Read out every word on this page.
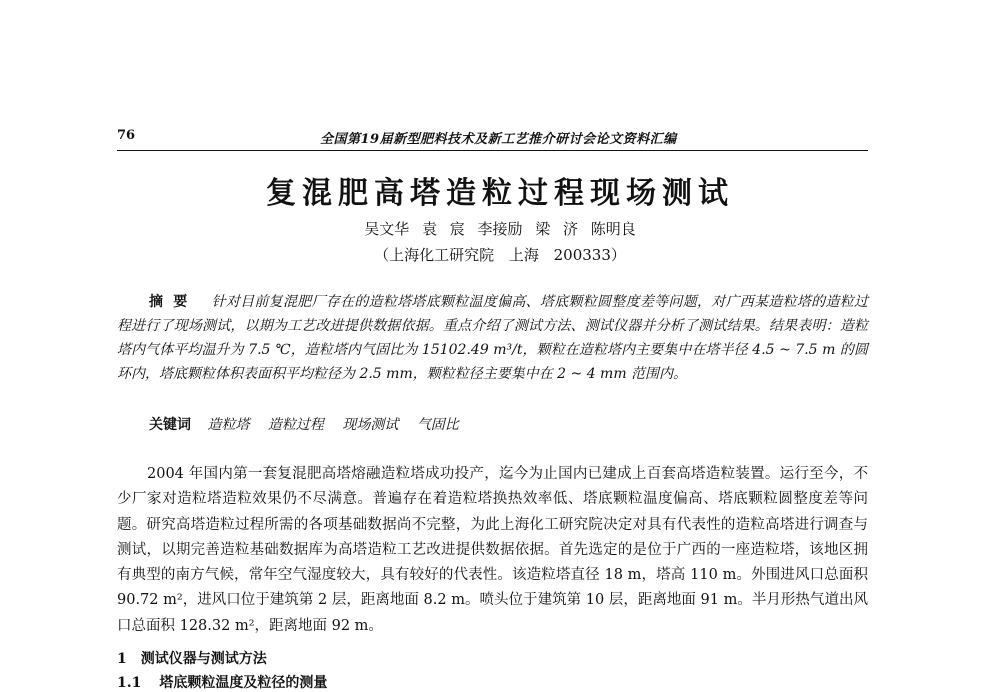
76	全国第19届新型肥料技术及新工艺推介研讨会论文资料汇编
复混肥高塔造粒过程现场测试
吴文华 袁 宸 李接励 梁 济 陈明良
（上海化工研究院 上海 200333）
摘要 针对目前复混肥厂存在的造粒塔塔底颗粒温度偏高、塔底颗粒圆整度差等问题，对广西某造粒塔的造粒过程进行了现场测试，以期为工艺改进提供数据依据。重点介绍了测试方法、测试仪器并分析了测试结果。结果表明：造粒塔内气体平均温升为 7.5 ℃，造粒塔内气固比为 15102.49 m³/t，颗粒在造粒塔内主要集中在塔半径 4.5 ~ 7.5 m 的圆环内，塔底颗粒体积表面积平均粒径为 2.5 mm，颗粒粒径主要集中在 2 ~ 4 mm 范围内。
关键词 造粒塔 造粒过程 现场测试 气固比

2004 年国内第一套复混肥高塔熔融造粒塔成功投产，迄今为止国内已建成上百套高塔造粒装置。运行至今，不少厂家对造粒塔造粒效果仍不尽满意。普遍存在着造粒塔换热效率低、塔底颗粒温度偏高、塔底颗粒圆整度差等问题。研究高塔造粒过程所需的各项基础数据尚不完整，为此上海化工研究院决定对具有代表性的造粒高塔进行调查与测试，以期完善造粒基础数据库为高塔造粒工艺改进提供数据依据。首先选定的是位于广西的一座造粒塔，该地区拥有典型的南方气候，常年空气湿度较大，具有较好的代表性。该造粒塔直径 18 m，塔高 110 m。外围进风口总面积 90.72 m²，进风口位于建筑第 2 层，距离地面 8.2 m。喷头位于建筑第 10 层，距离地面 91 m。半月形热气道出风口总面积 128.32 m²，距离地面 92 m。

1 测试仪器与测试方法
1.1 塔底颗粒温度及粒径的测量
